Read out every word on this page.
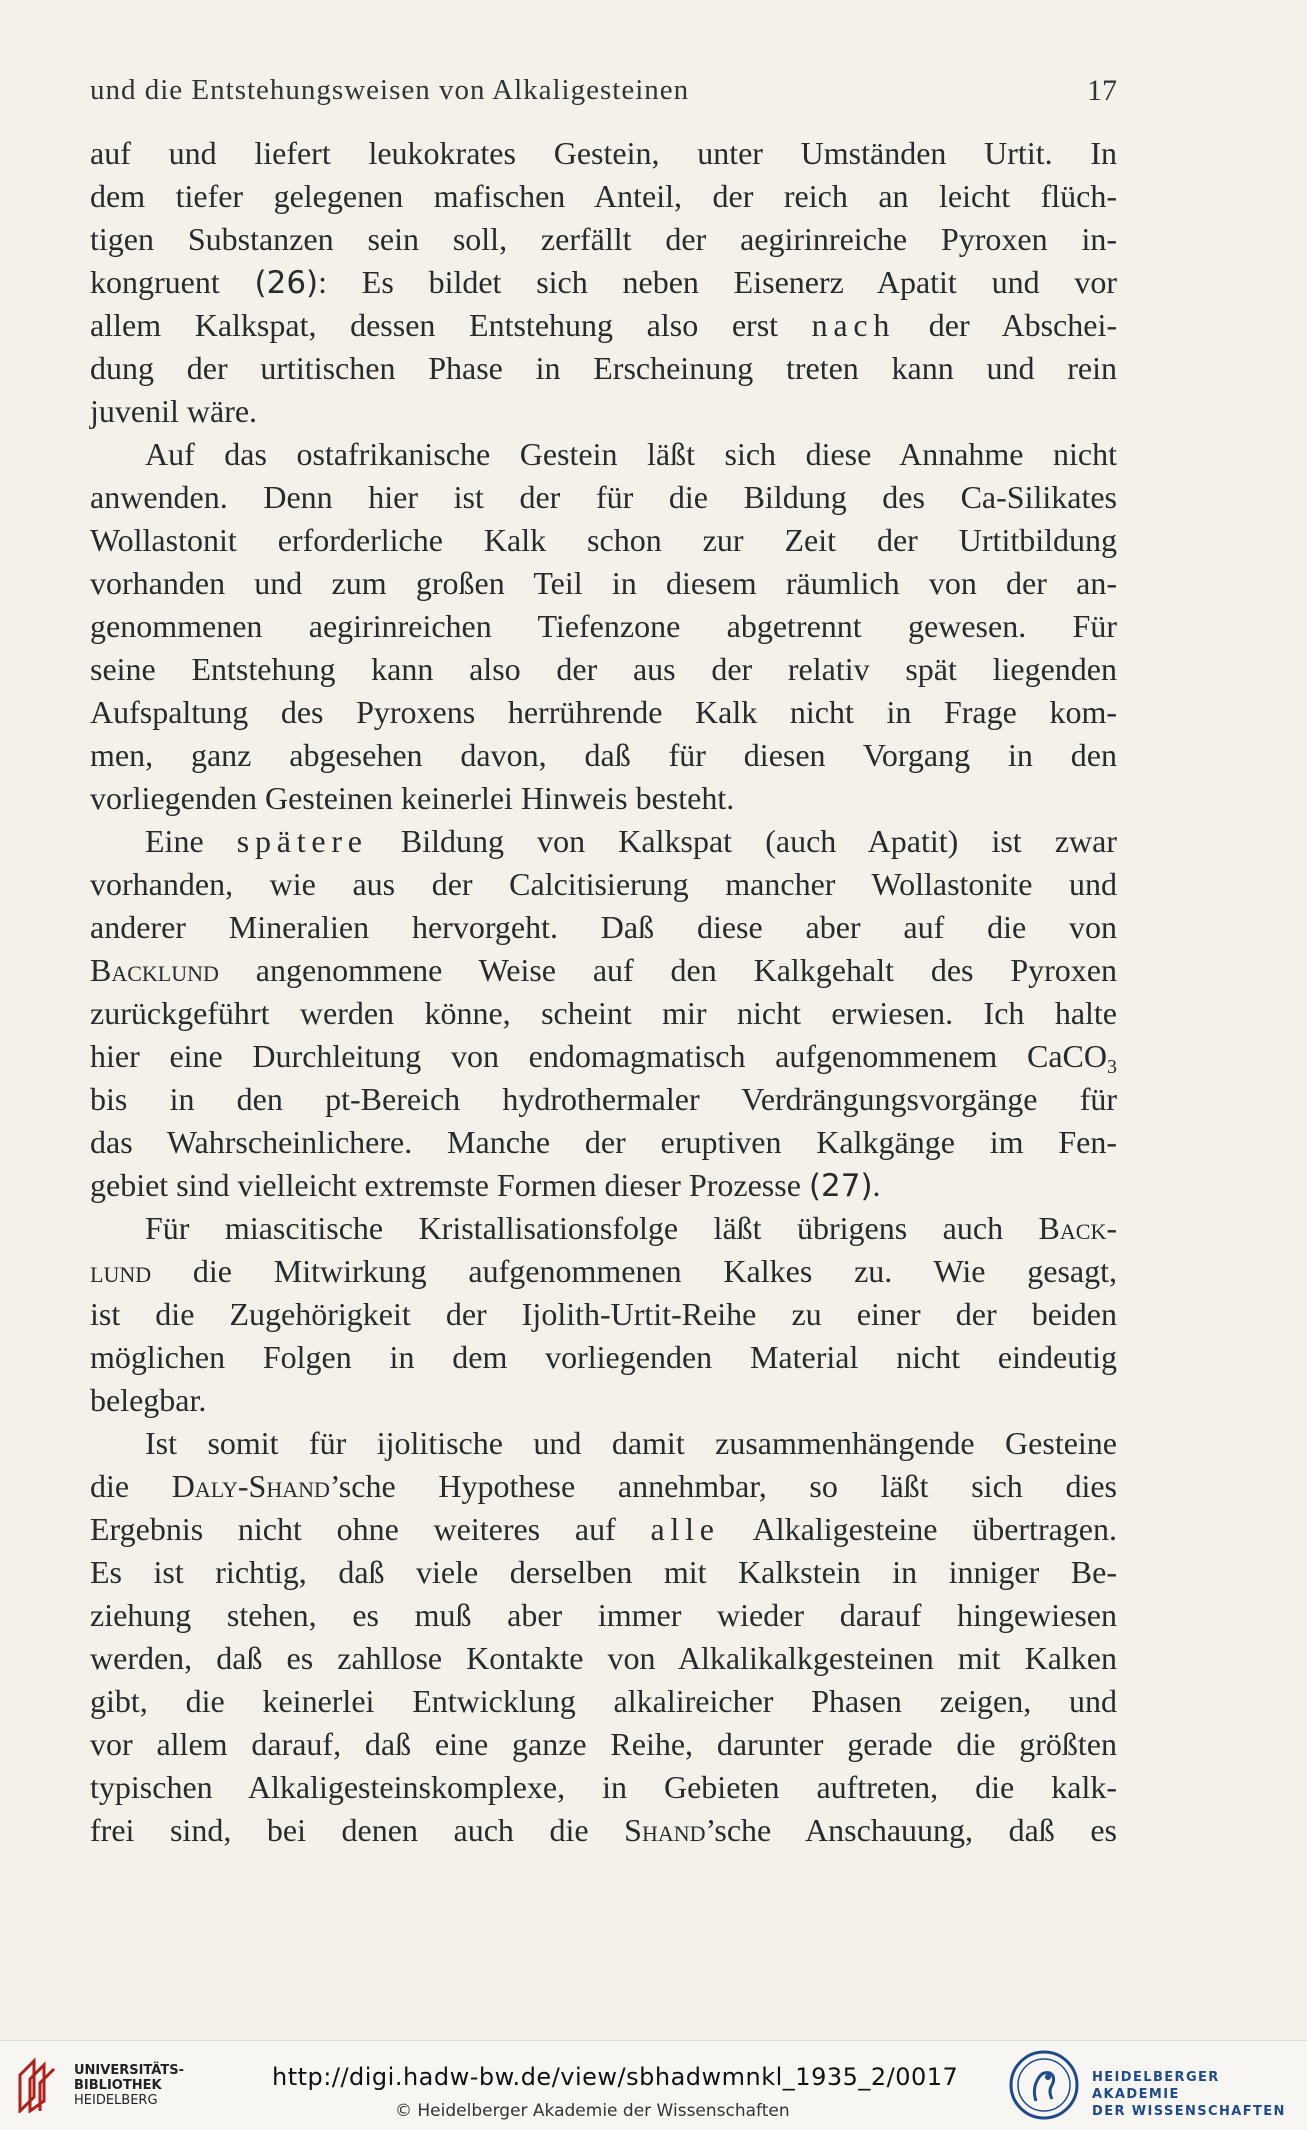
und die Entstehungsweisen von Alkaligesteinen	17
auf und liefert leukokrates Gestein, unter Umständen Urtit. In
dem tiefer gelegenen mafischen Anteil, der reich an leicht flüch-
tigen Substanzen sein soll, zerfällt der aegirinreiche Pyroxen in-
kongruent (26): Es bildet sich neben Eisenerz Apatit und vor
allem Kalkspat, dessen Entstehung also erst nach der Abschei-
dung der urtitischen Phase in Erscheinung treten kann und rein
juvenil wäre.
Auf das ostafrikanische Gestein läßt sich diese Annahme nicht
anwenden. Denn hier ist der für die Bildung des Ca-Silikates
Wollastonit erforderliche Kalk schon zur Zeit der Urtitbildung
vorhanden und zum großen Teil in diesem räumlich von der an-
genommenen aegirinreichen Tiefenzone abgetrennt gewesen. Für
seine Entstehung kann also der aus der relativ spät liegenden
Aufspaltung des Pyroxens herrührende Kalk nicht in Frage kom-
men, ganz abgesehen davon, daß für diesen Vorgang in den
vorliegenden Gesteinen keinerlei Hinweis besteht.
Eine spätere Bildung von Kalkspat (auch Apatit) ist zwar
vorhanden, wie aus der Calcitisierung mancher Wollastonite und
anderer Mineralien hervorgeht. Daß diese aber auf die von
Backlund angenommene Weise auf den Kalkgehalt des Pyroxen
zurückgeführt werden könne, scheint mir nicht erwiesen. Ich halte
hier eine Durchleitung von endomagmatisch aufgenommenem CaCO$_3$
bis in den pt-Bereich hydrothermaler Verdrängungsvorgänge für
das Wahrscheinlichere. Manche der eruptiven Kalkgänge im Fen-
gebiet sind vielleicht extremste Formen dieser Prozesse (27).
Für miascitische Kristallisationsfolge läßt übrigens auch Back-
lund die Mitwirkung aufgenommenen Kalkes zu. Wie gesagt,
ist die Zugehörigkeit der Ijolith-Urtit-Reihe zu einer der beiden
möglichen Folgen in dem vorliegenden Material nicht eindeutig
belegbar.
Ist somit für ijolitische und damit zusammenhängende Gesteine
die Daly-Shand’sche Hypothese annehmbar, so läßt sich dies
Ergebnis nicht ohne weiteres auf alle Alkaligesteine übertragen.
Es ist richtig, daß viele derselben mit Kalkstein in inniger Be-
ziehung stehen, es muß aber immer wieder darauf hingewiesen
werden, daß es zahllose Kontakte von Alkalikalkgesteinen mit Kalken
gibt, die keinerlei Entwicklung alkalireicher Phasen zeigen, und
vor allem darauf, daß eine ganze Reihe, darunter gerade die größten
typischen Alkaligesteinskomplexe, in Gebieten auftreten, die kalk-
frei sind, bei denen auch die Shand’sche Anschauung, daß es
UNIVERSITÄTS-
BIBLIOTHEK
HEIDELBERG
http://digi.hadw-bw.de/view/sbhadwmnkl_1935_2/0017
© Heidelberger Akademie der Wissenschaften
HEIDELBERGER AKADEMIE
DER WISSENSCHAFTEN
